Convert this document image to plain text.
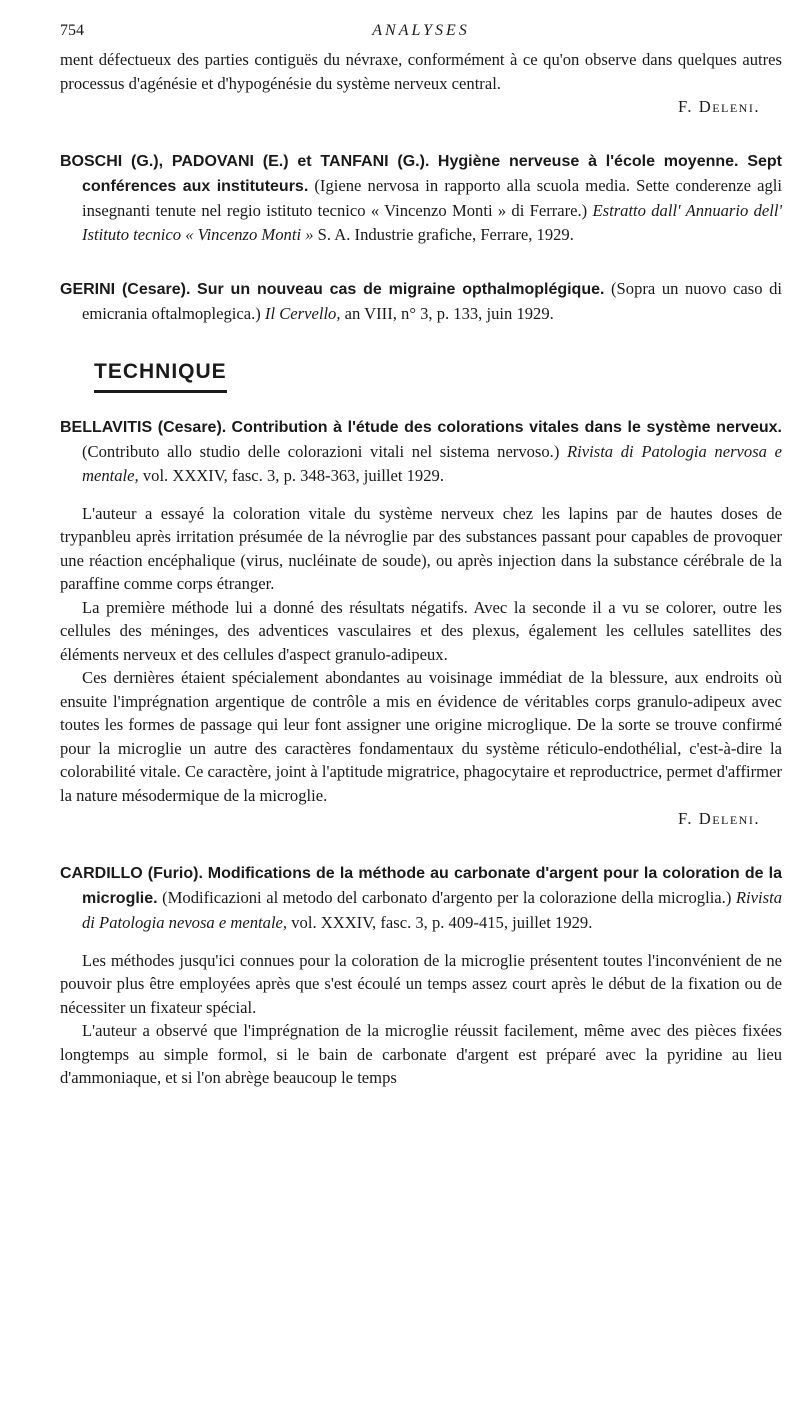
754	ANALYSES

ment défectueux des parties contiguës du névraxe, conformément à ce qu'on observe dans quelques autres processus d'agénésie et d'hypogénésie du système nerveux central.

F. Deleni.

BOSCHI (G.), PADOVANI (E.) et TANFANI (G.). Hygiène nerveuse à l'école moyenne. Sept conférences aux instituteurs. (Igiene nervosa in rapporto alla scuola media. Sette conderenze agli insegnanti tenute nel regio istituto tecnico « Vincenzo Monti » di Ferrare.) Estratto dall' Annuario dell' Istituto tecnico « Vincenzo Monti » S. A. Industrie grafiche, Ferrare, 1929.

GERINI (Cesare). Sur un nouveau cas de migraine opthalmoplégique. (Sopra un nuovo caso di emicrania oftalmoplegica.) Il Cervello, an VIII, n° 3, p. 133, juin 1929.

TECHNIQUE

BELLAVITIS (Cesare). Contribution à l'étude des colorations vitales dans le système nerveux. (Contributo allo studio delle colorazioni vitali nel sistema nervoso.) Rivista di Patologia nervosa e mentale, vol. XXXIV, fasc. 3, p. 348-363, juillet 1929.

L'auteur a essayé la coloration vitale du système nerveux chez les lapins par de hautes doses de trypanbleu après irritation présumée de la névroglie par des substances passant pour capables de provoquer une réaction encéphalique (virus, nucléinate de soude), ou après injection dans la substance cérébrale de la paraffine comme corps étranger.

La première méthode lui a donné des résultats négatifs. Avec la seconde il a vu se colorer, outre les cellules des méninges, des adventices vasculaires et des plexus, également les cellules satellites des éléments nerveux et des cellules d'aspect granulo-adipeux.

Ces dernières étaient spécialement abondantes au voisinage immédiat de la blessure, aux endroits où ensuite l'imprégnation argentique de contrôle a mis en évidence de véritables corps granulo-adipeux avec toutes les formes de passage qui leur font assigner une origine microglique. De la sorte se trouve confirmé pour la microglie un autre des caractères fondamentaux du système réticulo-endothélial, c'est-à-dire la colorabilité vitale. Ce caractère, joint à l'aptitude migratrice, phagocytaire et reproductrice, permet d'affirmer la nature mésodermique de la microglie.

F. Deleni.

CARDILLO (Furio). Modifications de la méthode au carbonate d'argent pour la coloration de la microglie. (Modificazioni al metodo del carbonato d'argento per la colorazione della microglia.) Rivista di Patologia nevosa e mentale, vol. XXXIV, fasc. 3, p. 409-415, juillet 1929.

Les méthodes jusqu'ici connues pour la coloration de la microglie présentent toutes l'inconvénient de ne pouvoir plus être employées après que s'est écoulé un temps assez court après le début de la fixation ou de nécessiter un fixateur spécial.

L'auteur a observé que l'imprégnation de la microglie réussit facilement, même avec des pièces fixées longtemps au simple formol, si le bain de carbonate d'argent est préparé avec la pyridine au lieu d'ammoniaque, et si l'on abrège beaucoup le temps
